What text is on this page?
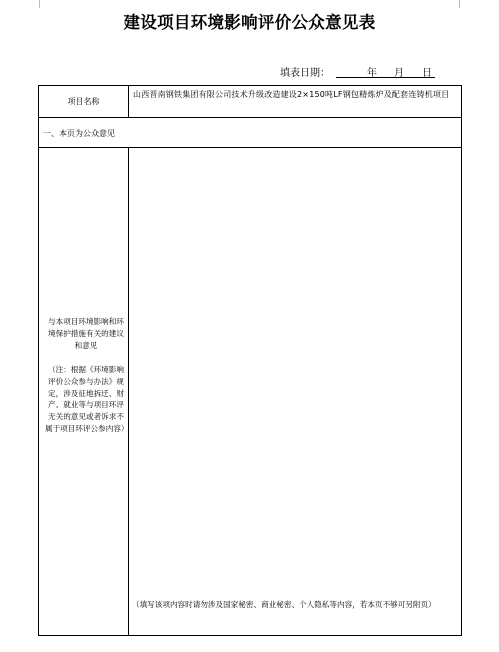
建设项目环境影响评价公众意见表
填表日期：	年 月 日
项目名称
山西晋南钢铁集团有限公司技术升级改造建设2×150吨LF钢包精炼炉及配套连铸机项目
一、本页为公众意见
与本项目环境影响和环境保护措施有关的建议和意见
（注：根据《环境影响评价公众参与办法》规定，涉及征地拆迁、财产、就业等与项目环评无关的意见或者诉求不属于项目环评公参内容）
（填写该项内容时请勿涉及国家秘密、商业秘密、个人隐私等内容，若本页不够可另附页）
